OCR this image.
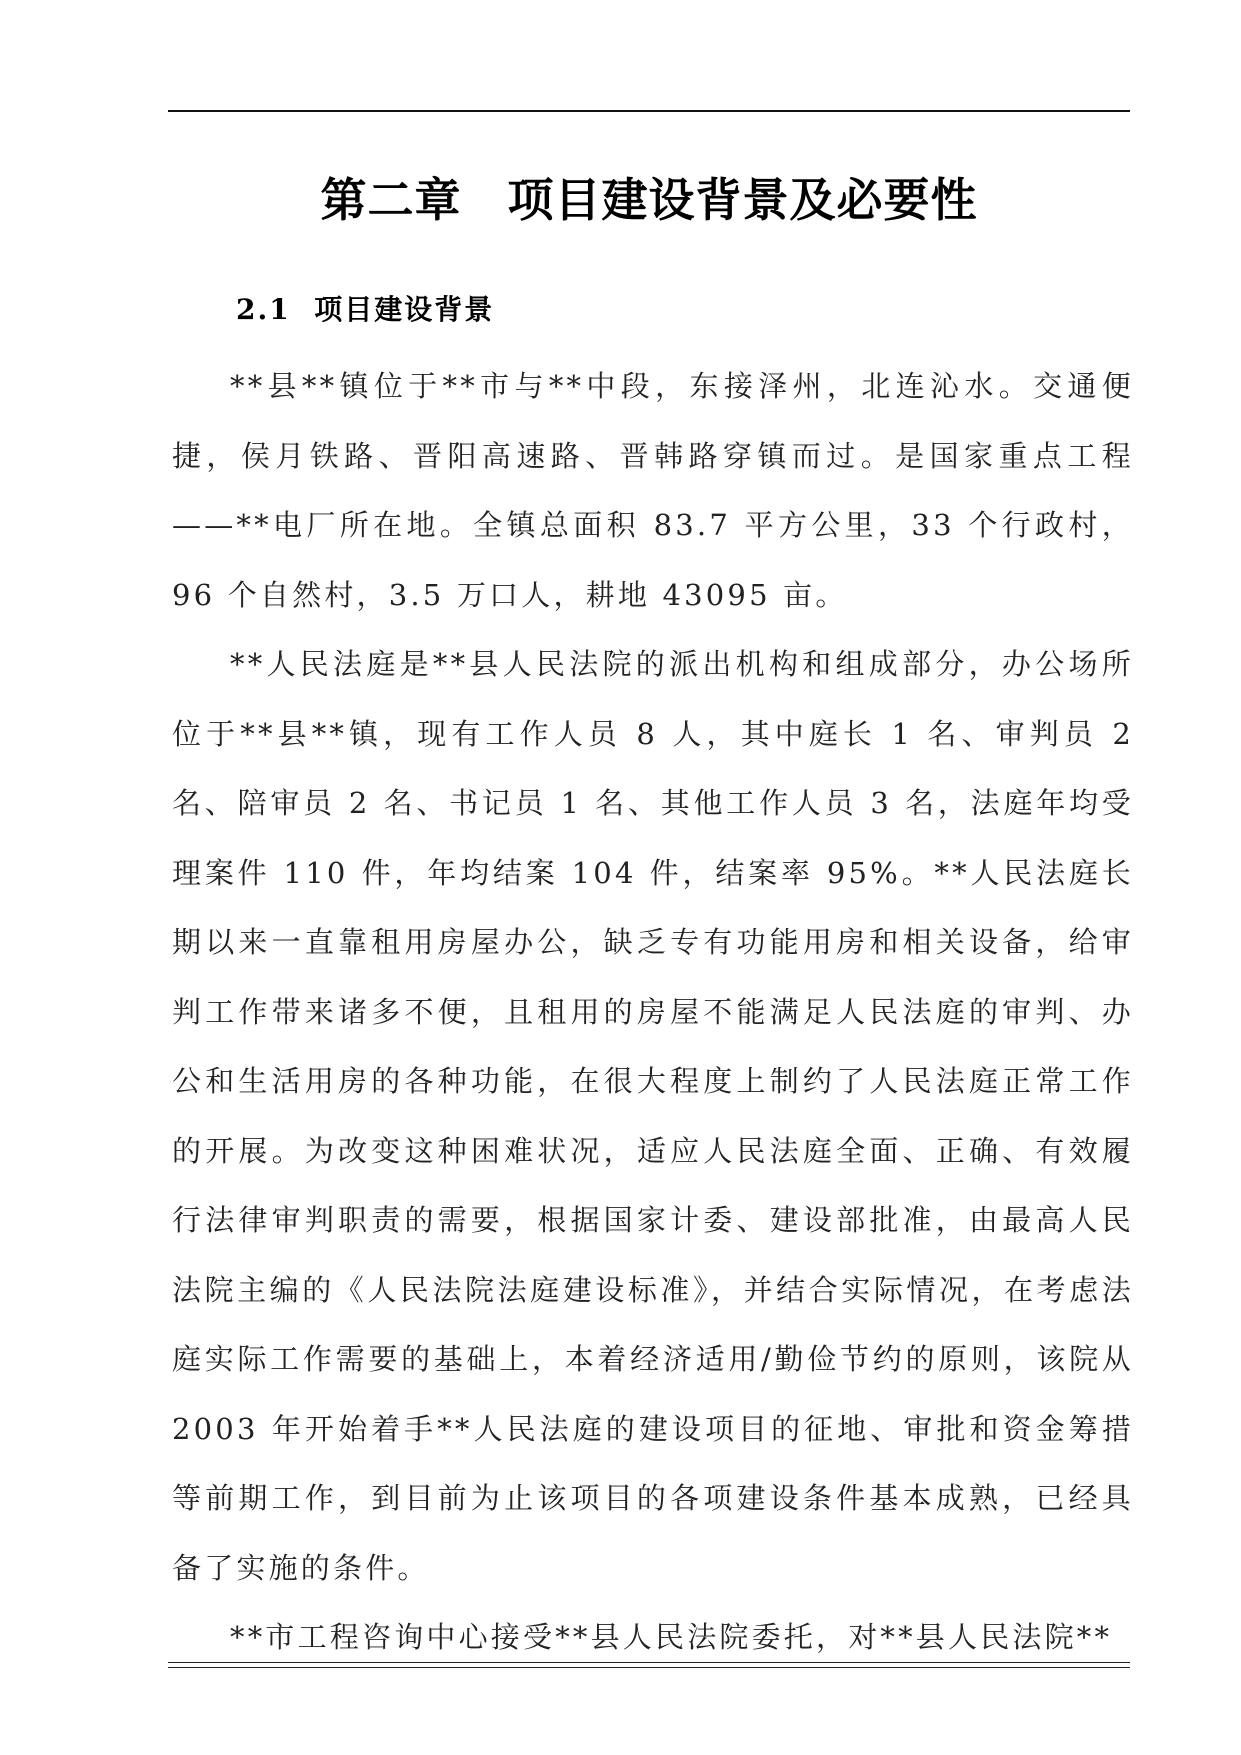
第二章 项目建设背景及必要性
2.1 项目建设背景

**县**镇位于**市与**中段，东接泽州，北连沁水。交通便捷，侯月铁路、晋阳高速路、晋韩路穿镇而过。是国家重点工程——**电厂所在地。全镇总面积 83.7 平方公里，33 个行政村，96 个自然村，3.5 万口人，耕地 43095 亩。

**人民法庭是**县人民法院的派出机构和组成部分，办公场所位于**县**镇，现有工作人员 8 人，其中庭长 1 名、审判员 2 名、陪审员 2 名、书记员 1 名、其他工作人员 3 名，法庭年均受理案件 110 件，年均结案 104 件，结案率 95%。**人民法庭长期以来一直靠租用房屋办公，缺乏专有功能用房和相关设备，给审判工作带来诸多不便，且租用的房屋不能满足人民法庭的审判、办公和生活用房的各种功能，在很大程度上制约了人民法庭正常工作的开展。为改变这种困难状况，适应人民法庭全面、正确、有效履行法律审判职责的需要，根据国家计委、建设部批准，由最高人民法院主编的《人民法院法庭建设标准》，并结合实际情况，在考虑法庭实际工作需要的基础上，本着经济适用/勤俭节约的原则，该院从 2003 年开始着手**人民法庭的建设项目的征地、审批和资金筹措等前期工作，到目前为止该项目的各项建设条件基本成熟，已经具备了实施的条件。

**市工程咨询中心接受**县人民法院委托，对**县人民法院**
